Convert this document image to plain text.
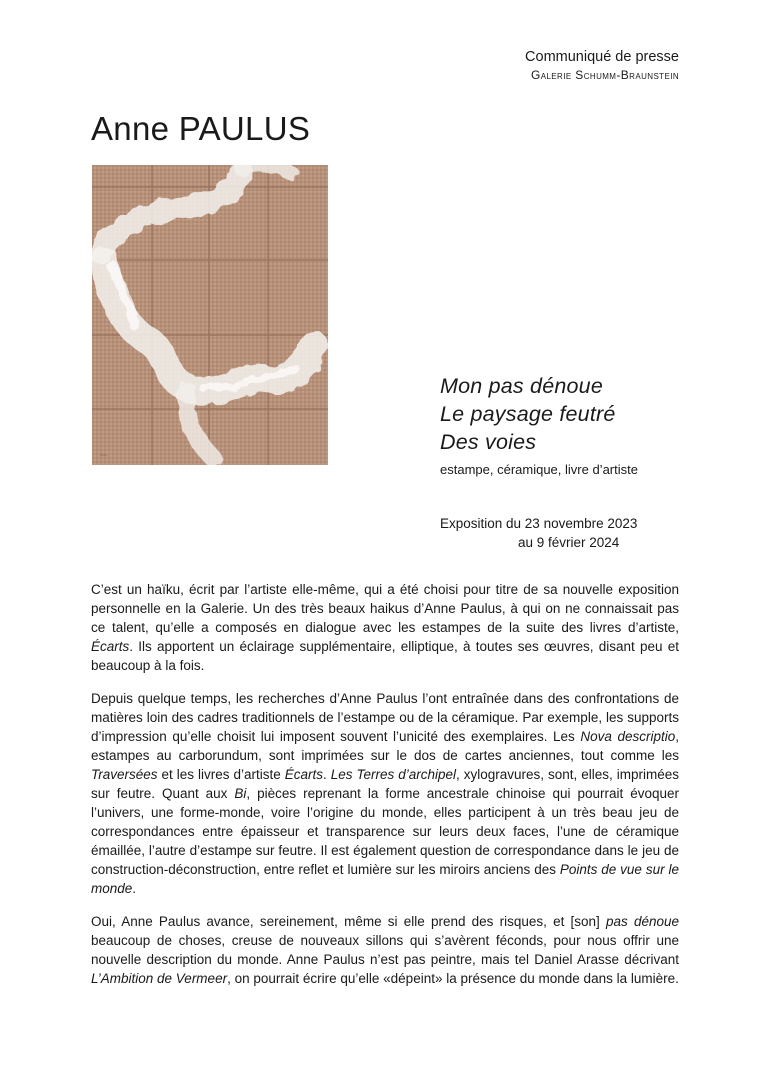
Communiqué de presse
Galerie Schumm-Braunstein
Anne PAULUS
~~
Mon pas dénoue
Le paysage feutré
Des voies
estampe, céramique, livre d’artiste
Exposition du 23 novembre 2023
au 9 février 2024

C’est un haïku, écrit par l’artiste elle-même, qui a été choisi pour titre de sa nouvelle exposition personnelle en la Galerie. Un des très beaux haikus d’Anne Paulus, à qui on ne connaissait pas ce talent, qu’elle a composés en dialogue avec les estampes de la suite des livres d’artiste, Écarts. Ils apportent un éclairage supplémentaire, elliptique, à toutes ses œuvres, disant peu et beaucoup à la fois.

Depuis quelque temps, les recherches d’Anne Paulus l’ont entraînée dans des confrontations de matières loin des cadres traditionnels de l’estampe ou de la céramique. Par exemple, les supports d’impression qu’elle choisit lui imposent souvent l’unicité des exemplaires. Les Nova descriptio, estampes au carborundum, sont imprimées sur le dos de cartes anciennes, tout comme les Traversées et les livres d’artiste Écarts. Les Terres d’archipel, xylogravures, sont, elles, imprimées sur feutre. Quant aux Bi, pièces reprenant la forme ancestrale chinoise qui pourrait évoquer l’univers, une forme-monde, voire l’origine du monde, elles participent à un très beau jeu de correspondances entre épaisseur et transparence sur leurs deux faces, l’une de céramique émaillée, l’autre d’estampe sur feutre. Il est également question de correspondance dans le jeu de construction-déconstruction, entre reflet et lumière sur les miroirs anciens des Points de vue sur le monde.

Oui, Anne Paulus avance, sereinement, même si elle prend des risques, et [son] pas dénoue beaucoup de choses, creuse de nouveaux sillons qui s’avèrent féconds, pour nous offrir une nouvelle description du monde. Anne Paulus n’est pas peintre, mais tel Daniel Arasse décrivant L’Ambition de Vermeer, on pourrait écrire qu’elle «dépeint» la présence du monde dans la lumière.
